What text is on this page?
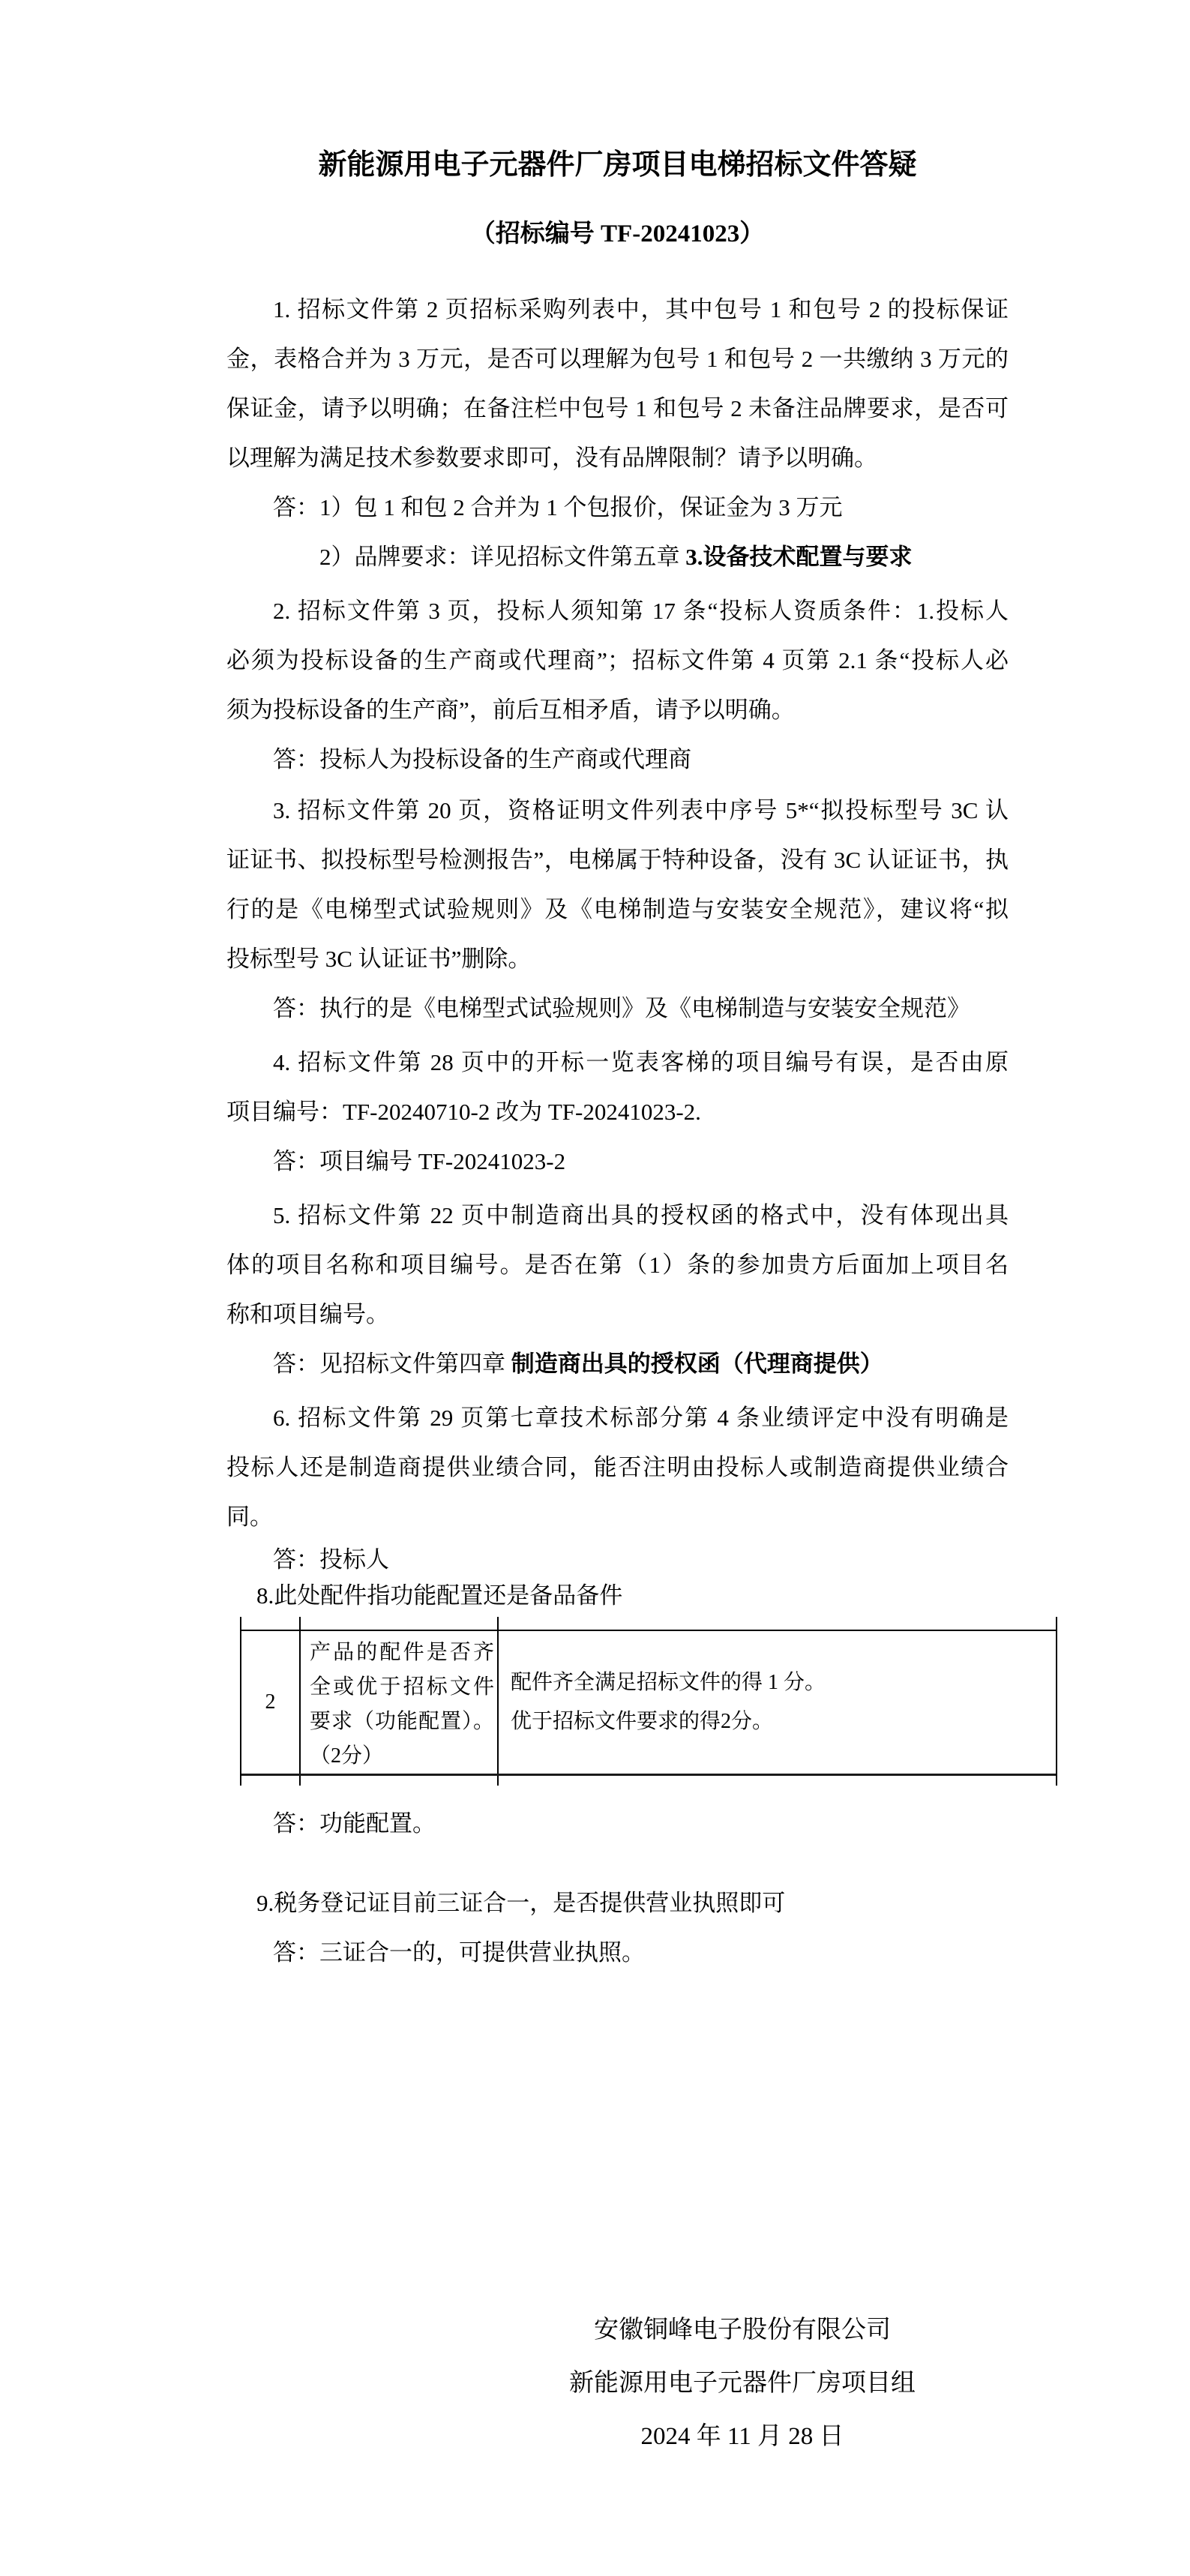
新能源用电子元器件厂房项目电梯招标文件答疑
（招标编号 TF-20241023）
1. 招标文件第 2 页招标采购列表中，其中包号 1 和包号 2 的投标保证
金，表格合并为 3 万元，是否可以理解为包号 1 和包号 2 一共缴纳 3 万元的
保证金，请予以明确；在备注栏中包号 1 和包号 2 未备注品牌要求，是否可
以理解为满足技术参数要求即可，没有品牌限制？请予以明确。
答：1）包 1 和包 2 合并为 1 个包报价，保证金为 3 万元
2）品牌要求：详见招标文件第五章 3.设备技术配置与要求
2. 招标文件第 3 页，投标人须知第 17 条“投标人资质条件：1.投标人
必须为投标设备的生产商或代理商”；招标文件第 4 页第 2.1 条“投标人必
须为投标设备的生产商”，前后互相矛盾，请予以明确。
答：投标人为投标设备的生产商或代理商
3. 招标文件第 20 页，资格证明文件列表中序号 5*“拟投标型号 3C 认
证证书、拟投标型号检测报告”，电梯属于特种设备，没有 3C 认证证书，执
行的是《电梯型式试验规则》及《电梯制造与安装安全规范》，建议将“拟
投标型号 3C 认证证书”删除。
答：执行的是《电梯型式试验规则》及《电梯制造与安装安全规范》
4. 招标文件第 28 页中的开标一览表客梯的项目编号有误，是否由原
项目编号：TF-20240710-2 改为 TF-20241023-2.
答：项目编号 TF-20241023-2
5. 招标文件第 22 页中制造商出具的授权函的格式中，没有体现出具
体的项目名称和项目编号。是否在第（1）条的参加贵方后面加上项目名
称和项目编号。
答：见招标文件第四章 制造商出具的授权函（代理商提供）
6. 招标文件第 29 页第七章技术标部分第 4 条业绩评定中没有明确是
投标人还是制造商提供业绩合同，能否注明由投标人或制造商提供业绩合
同。
答：投标人
8.此处配件指功能配置还是备品备件
2
产品的配件是否齐
全或优于招标文件
要求（功能配置）。
（2分）
配件齐全满足招标文件的得 1 分。
优于招标文件要求的得2分。
答：功能配置。
9.税务登记证目前三证合一，是否提供营业执照即可
答：三证合一的，可提供营业执照。
安徽铜峰电子股份有限公司
新能源用电子元器件厂房项目组
2024 年 11 月 28 日
